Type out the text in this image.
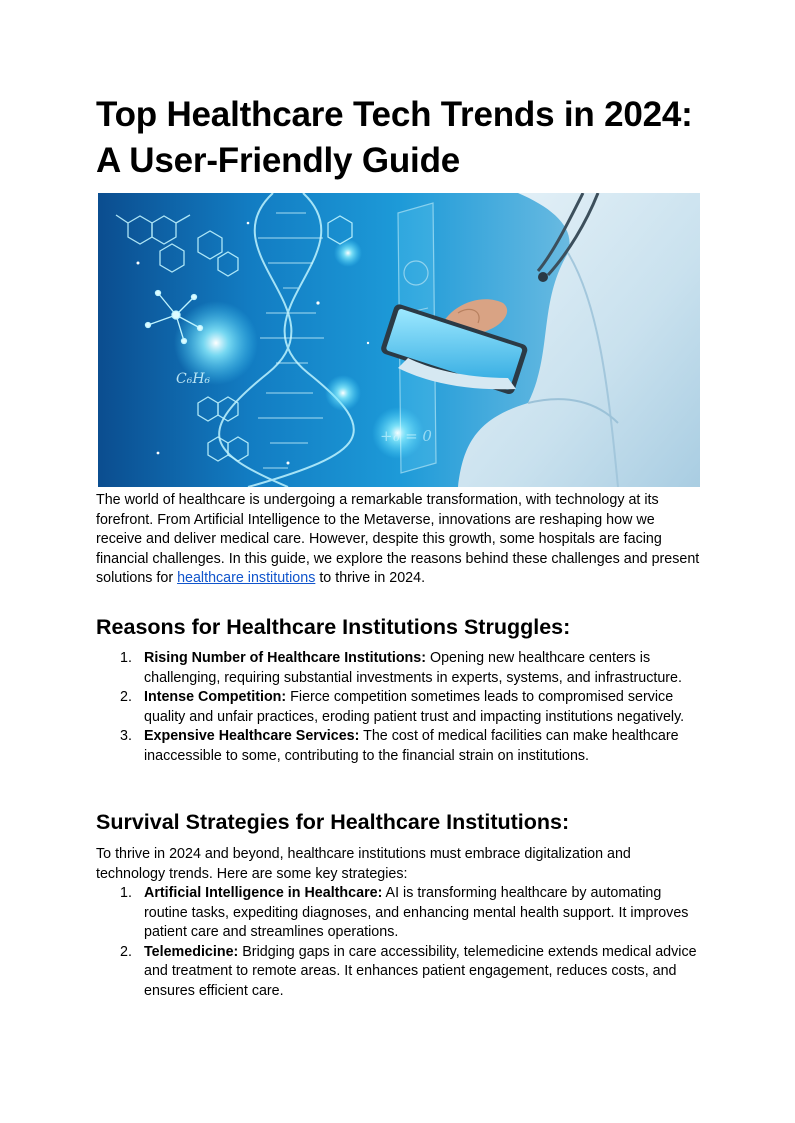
Top Healthcare Tech Trends in 2024:
A User-Friendly Guide
C₆H₆
+∂ = 0

The world of healthcare is undergoing a remarkable transformation, with technology at its forefront. From Artificial Intelligence to the Metaverse, innovations are reshaping how we receive and deliver medical care. However, despite this growth, some hospitals are facing financial challenges. In this guide, we explore the reasons behind these challenges and present solutions for healthcare institutions to thrive in 2024.

Reasons for Healthcare Institutions Struggles:
1. Rising Number of Healthcare Institutions: Opening new healthcare centers is challenging, requiring substantial investments in experts, systems, and infrastructure.
2. Intense Competition: Fierce competition sometimes leads to compromised service quality and unfair practices, eroding patient trust and impacting institutions negatively.
3. Expensive Healthcare Services: The cost of medical facilities can make healthcare inaccessible to some, contributing to the financial strain on institutions.
Survival Strategies for Healthcare Institutions:

To thrive in 2024 and beyond, healthcare institutions must embrace digitalization and technology trends. Here are some key strategies:

1. Artificial Intelligence in Healthcare: AI is transforming healthcare by automating routine tasks, expediting diagnoses, and enhancing mental health support. It improves patient care and streamlines operations.
2. Telemedicine: Bridging gaps in care accessibility, telemedicine extends medical advice and treatment to remote areas. It enhances patient engagement, reduces costs, and ensures efficient care.
